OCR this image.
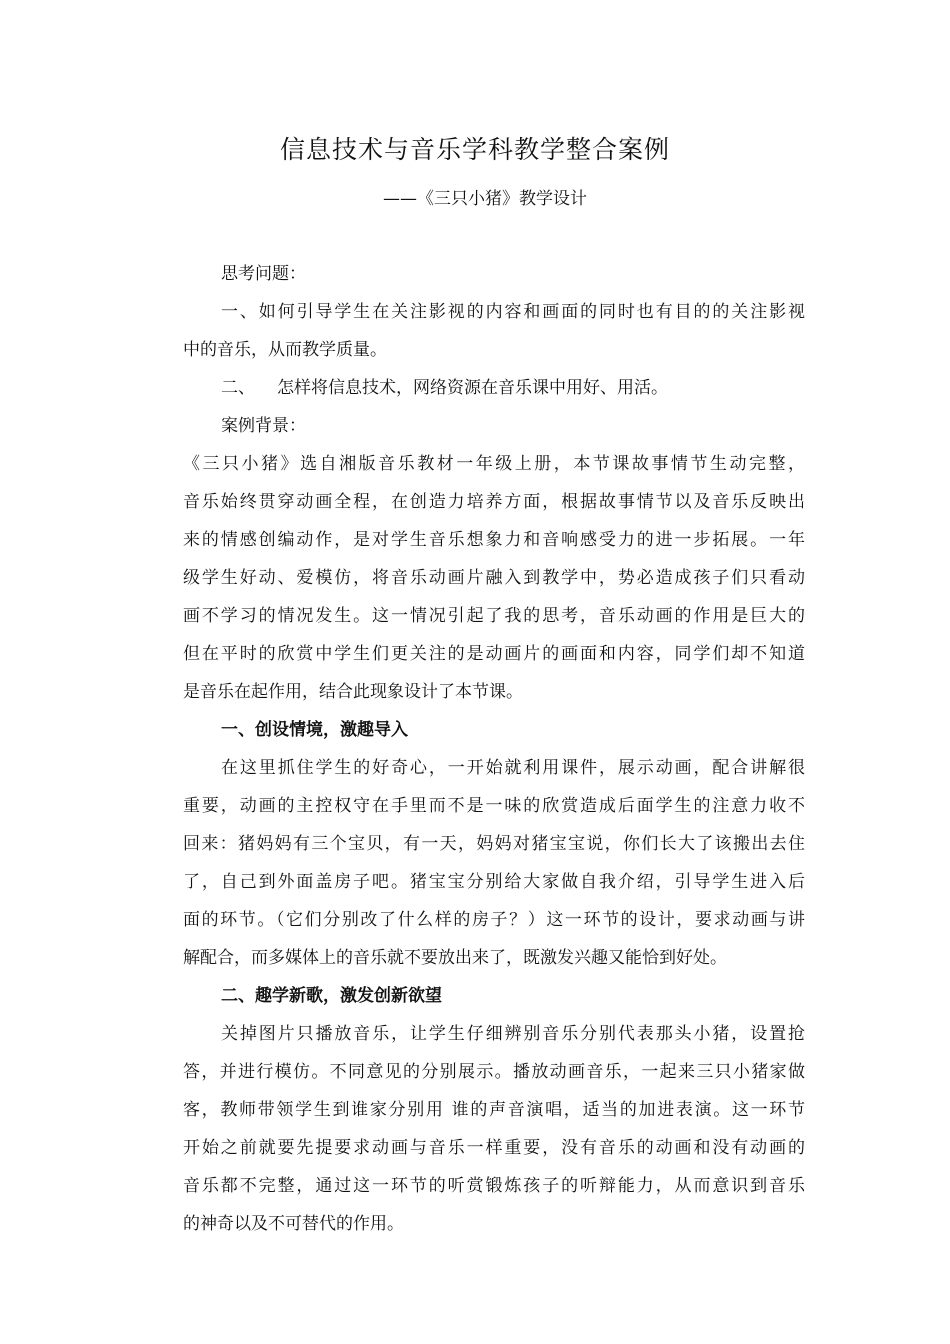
信息技术与音乐学科教学整合案例

——《三只小猪》教学设计

思考问题：
一、如何引导学生在关注影视的内容和画面的同时也有目的的关注影视
中的音乐，从而教学质量。
二、 怎样将信息技术，网络资源在音乐课中用好、用活。
案例背景：
《三只小猪》选自湘版音乐教材一年级上册，本节课故事情节生动完整，
音乐始终贯穿动画全程，在创造力培养方面，根据故事情节以及音乐反映出
来的情感创编动作，是对学生音乐想象力和音响感受力的进一步拓展。一年
级学生好动、爱模仿，将音乐动画片融入到教学中，势必造成孩子们只看动
画不学习的情况发生。这一情况引起了我的思考，音乐动画的作用是巨大的
但在平时的欣赏中学生们更关注的是动画片的画面和内容，同学们却不知道
是音乐在起作用，结合此现象设计了本节课。
一、创设情境，激趣导入
在这里抓住学生的好奇心，一开始就利用课件，展示动画，配合讲解很
重要，动画的主控权守在手里而不是一味的欣赏造成后面学生的注意力收不
回来：猪妈妈有三个宝贝，有一天，妈妈对猪宝宝说，你们长大了该搬出去住
了，自己到外面盖房子吧。猪宝宝分别给大家做自我介绍，引导学生进入后
面的环节。（它们分别改了什么样的房子？）这一环节的设计，要求动画与讲
解配合，而多媒体上的音乐就不要放出来了，既激发兴趣又能恰到好处。
二、趣学新歌，激发创新欲望
关掉图片只播放音乐，让学生仔细辨别音乐分别代表那头小猪，设置抢
答，并进行模仿。不同意见的分别展示。播放动画音乐，一起来三只小猪家做
客，教师带领学生到谁家分别用 谁的声音演唱，适当的加进表演。这一环节
开始之前就要先提要求动画与音乐一样重要，没有音乐的动画和没有动画的
音乐都不完整，通过这一环节的听赏锻炼孩子的听辩能力，从而意识到音乐
的神奇以及不可替代的作用。
